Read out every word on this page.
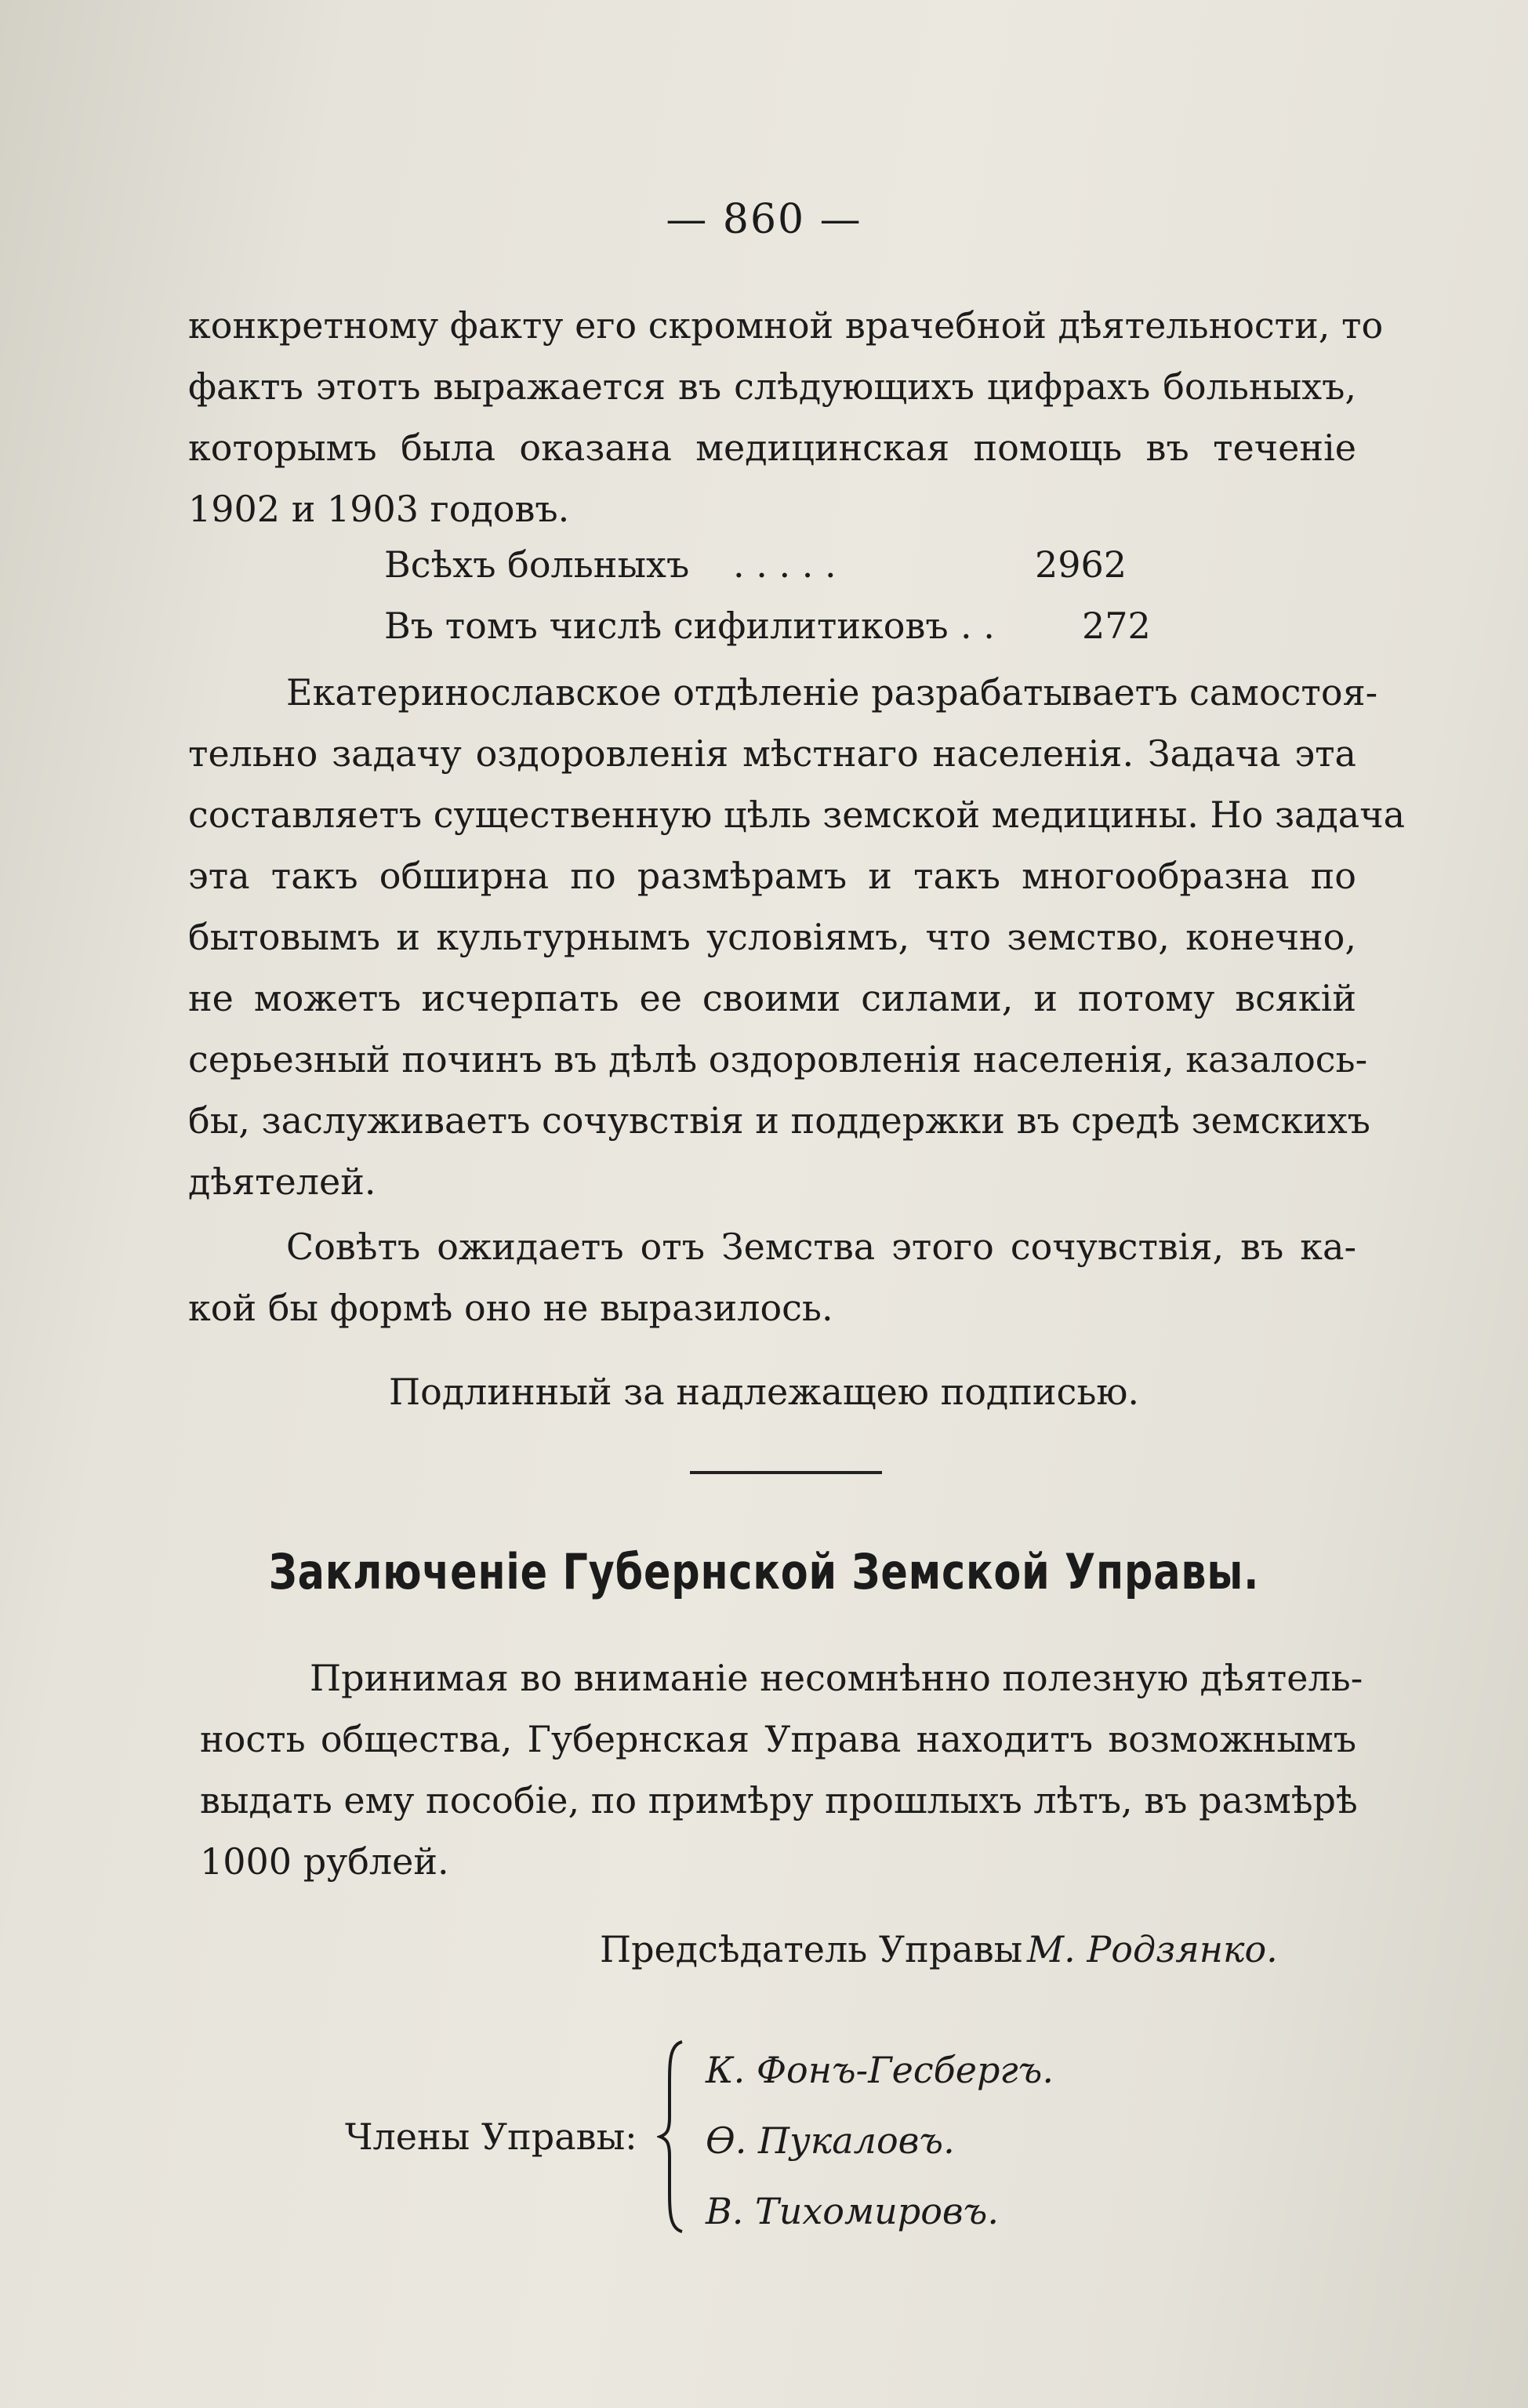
— 860 —
конкретному факту его скромной врачебной дѣятельности, то
фактъ этотъ выражается въ слѣдующихъ цифрахъ больныхъ,
которымъ была оказана медицинская помощь въ теченіе
1902 и 1903 годовъ.
Всѣхъ больныхъ . . . . .	2962
Въ томъ числѣ сифилитиковъ . . 272
Екатеринославское отдѣленіе разрабатываетъ самостоя-
тельно задачу оздоровленія мѣстнаго населенія. Задача эта
составляетъ существенную цѣль земской медицины. Но задача
эта такъ обширна по размѣрамъ и такъ многообразна по
бытовымъ и культурнымъ условіямъ, что земство, конечно,
не можетъ исчерпать ее своими силами, и потому всякій
серьезный починъ въ дѣлѣ оздоровленія населенія, казалось-
бы, заслуживаетъ сочувствія и поддержки въ средѣ земскихъ
дѣятелей.
Совѣтъ ожидаетъ отъ Земства этого сочувствія, въ ка-
кой бы формѣ оно не выразилось.
Подлинный за надлежащею подписью.
Заключеніе Губернской Земской Управы.
Принимая во вниманіе несомнѣнно полезную дѣятель-
ность общества, Губернская Управа находитъ возможнымъ
выдать ему пособіе, по примѣру прошлыхъ лѣтъ, въ размѣрѣ
1000 рублей.
Предсѣдатель Управы М. Родзянко.
Члены Управы:
К. Фонъ-Гесбергъ.
Ѳ. Пукаловъ.
В. Тихомировъ.
